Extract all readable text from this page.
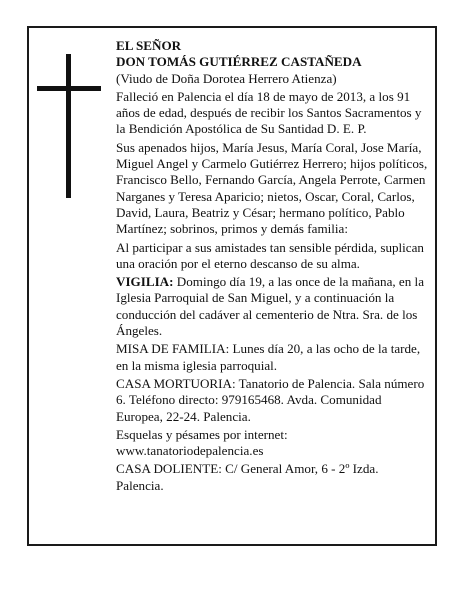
EL SEÑOR
DON TOMÁS GUTIÉRREZ CASTAÑEDA
(Viudo de Doña Dorotea Herrero Atienza)

Falleció en Palencia el día 18 de mayo de 2013, a los 91 años de edad, después de recibir los Santos Sacramentos y la Bendición Apostólica de Su Santidad D. E. P.

Sus apenados hijos, María Jesus, María Coral, Jose María, Miguel Angel y Carmelo Gutiérrez Herrero; hijos políticos, Francisco Bello, Fernando García, Angela Perrote, Carmen Narganes y Teresa Aparicio; nietos, Oscar, Coral, Carlos, David, Laura, Beatriz y César; hermano político, Pablo Martínez; sobrinos, primos y demás familia:

Al participar a sus amistades tan sensible pérdida, suplican una oración por el eterno descanso de su alma.

VIGILIA: Domingo día 19, a las once de la mañana, en la Iglesia Parroquial de San Miguel, y a continuación la conducción del cadáver al cementerio de Ntra. Sra. de los Ángeles.

MISA DE FAMILIA: Lunes día 20, a las ocho de la tarde, en la misma iglesia parroquial.

CASA MORTUORIA: Tanatorio de Palencia. Sala número 6. Teléfono directo: 979165468. Avda. Comunidad Europea, 22-24. Palencia.

Esquelas y pésames por internet:
www.tanatoriodepalencia.es

CASA DOLIENTE: C/ General Amor, 6 - 2º Izda. Palencia.
